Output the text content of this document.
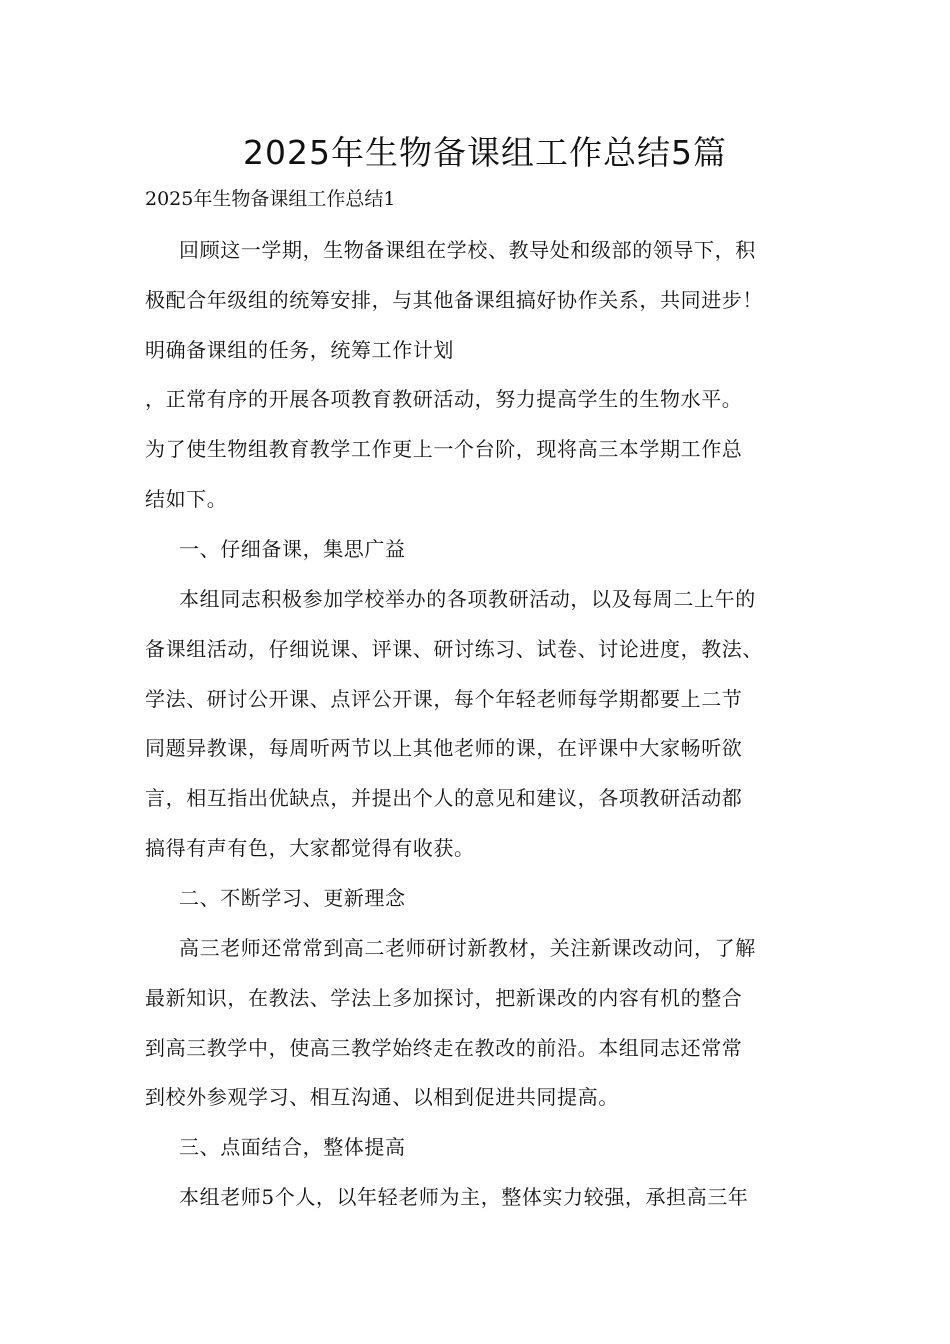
2025年生物备课组工作总结5篇

2025年生物备课组工作总结1

回顾这一学期，生物备课组在学校、教导处和级部的领导下，积
极配合年级组的统筹安排，与其他备课组搞好协作关系，共同进步！
明确备课组的任务，统筹工作计划
，正常有序的开展各项教育教研活动，努力提高学生的生物水平。
为了使生物组教育教学工作更上一个台阶，现将高三本学期工作总
结如下。
一、仔细备课，集思广益
本组同志积极参加学校举办的各项教研活动，以及每周二上午的
备课组活动，仔细说课、评课、研讨练习、试卷、讨论进度，教法、
学法、研讨公开课、点评公开课，每个年轻老师每学期都要上二节
同题异教课，每周听两节以上其他老师的课，在评课中大家畅听欲
言，相互指出优缺点，并提出个人的意见和建议，各项教研活动都
搞得有声有色，大家都觉得有收获。
二、不断学习、更新理念
高三老师还常常到高二老师研讨新教材，关注新课改动问，了解
最新知识，在教法、学法上多加探讨，把新课改的内容有机的整合
到高三教学中，使高三教学始终走在教改的前沿。本组同志还常常
到校外参观学习、相互沟通、以相到促进共同提高。
三、点面结合，整体提高
本组老师5个人，以年轻老师为主，整体实力较强，承担高三年
